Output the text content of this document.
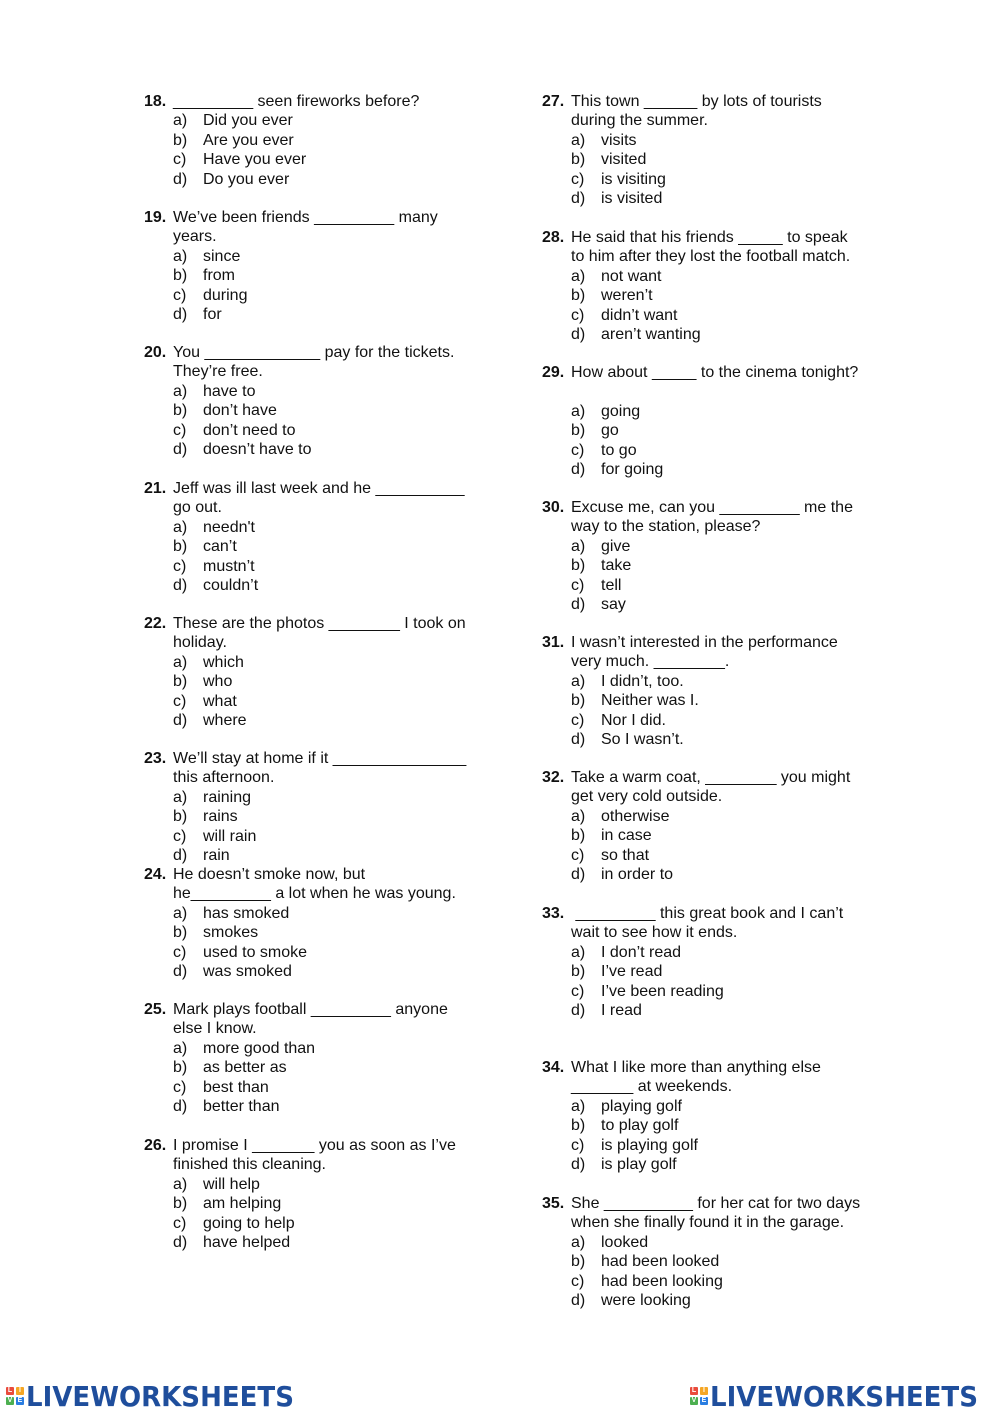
18. _________ seen fireworks before?
a) Did you ever
b) Are you ever
c)	Have you ever
d) Do you ever
19. We’ve been friends _________ many
years.
a) since
b) from
c)	during
d) for
20. You _____________ pay for the tickets.
They’re free.
a) have to
b) don’t have
c)	don’t need to
d) doesn’t have to
21. Jeff was ill last week and he __________
go out.
a) needn't
b) can’t
c)	mustn’t
d) couldn’t
22. These are the photos ________ I took on
holiday.
a) which
b) who
c)	what
d) where
23. We’ll stay at home if it _______________
this afternoon.
a) raining
b) rains
c)	will rain
d) rain
24. He doesn’t smoke now, but
he_________ a lot when he was young.
a) has smoked
b) smokes
c)	used to smoke
d) was smoked
25. Mark plays football _________ anyone
else I know.
a) more good than
b) as better as
c)	best than
d) better than
26. I promise I _______ you as soon as I’ve
finished this cleaning.
a) will help
b) am helping
c)	going to help
d) have helped
27. This town ______ by lots of tourists
during the summer.
a) visits
b) visited
c)	is visiting
d) is visited
28. He said that his friends _____ to speak
to him after they lost the football match.
a) not want
b) weren’t
c)	didn’t want
d) aren’t wanting
29. How about _____ to the cinema tonight?
a) going
b) go
c)	to go
d) for going
30. Excuse me, can you _________ me the
way to the station, please?
a) give
b) take
c)	tell
d) say
31. I wasn’t interested in the performance
very much. ________.
a) I didn’t, too.
b) Neither was I.
c)	Nor I did.
d) So I wasn’t.
32. Take a warm coat, ________ you might
get very cold outside.
a) otherwise
b) in case
c)	so that
d) in order to
33. _________ this great book and I can’t
wait to see how it ends.
a) I don’t read
b) I’ve read
c)	I’ve been reading
d) I read
34. What I like more than anything else
_______ at weekends.
a) playing golf
b) to play golf
c)	is playing golf
d) is play golf
35. She __________ for her cat for two days
when she finally found it in the garage.
a) looked
b) had been looked
c)	had been looking
d) were looking
L I
V E LIVEWORKSHEETS	L I
V E LIVEWORKSHEETS
